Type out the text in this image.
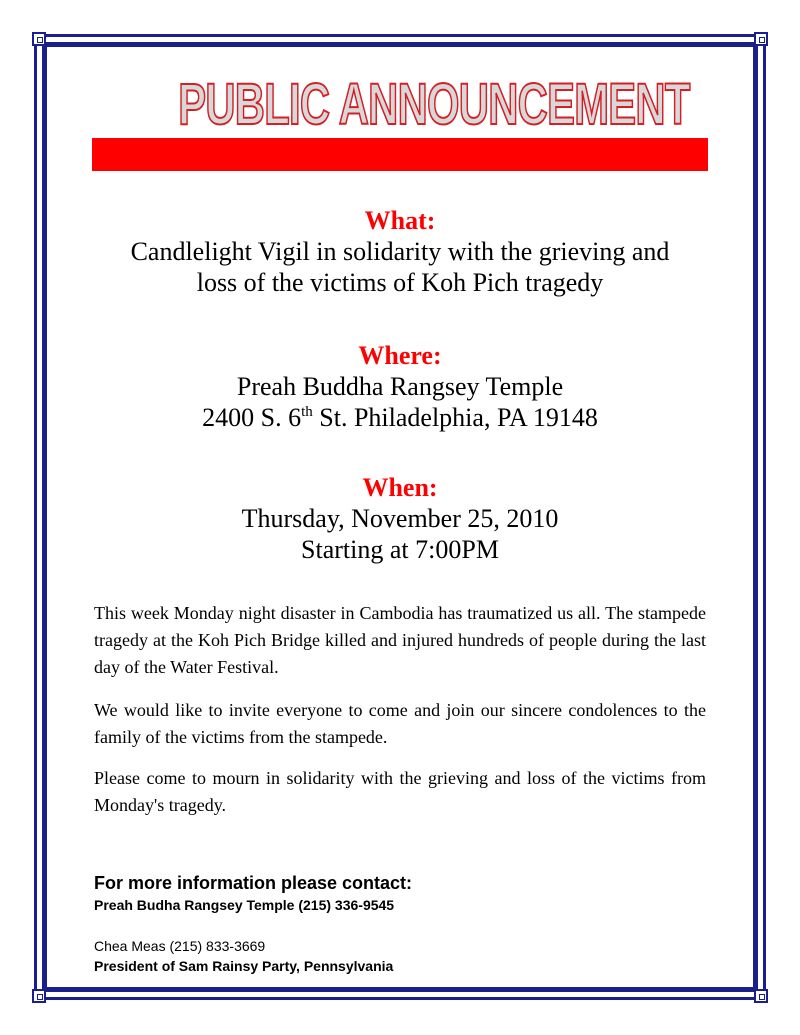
PUBLIC ANNOUNCEMENT
What:
Candlelight Vigil in solidarity with the grieving and
loss of the victims of Koh Pich tragedy
Where:
Preah Buddha Rangsey Temple
2400 S. 6th St. Philadelphia, PA 19148
When:
Thursday, November 25, 2010
Starting at 7:00PM

This week Monday night disaster in Cambodia has traumatized us all. The stampede tragedy at the Koh Pich Bridge killed and injured hundreds of people during the last day of the Water Festival.

We would like to invite everyone to come and join our sincere condolences to the family of the victims from the stampede.

Please come to mourn in solidarity with the grieving and loss of the victims from Monday's tragedy.

For more information please contact:
Preah Budha Rangsey Temple (215) 336-9545
Chea Meas (215) 833-3669
President of Sam Rainsy Party, Pennsylvania
